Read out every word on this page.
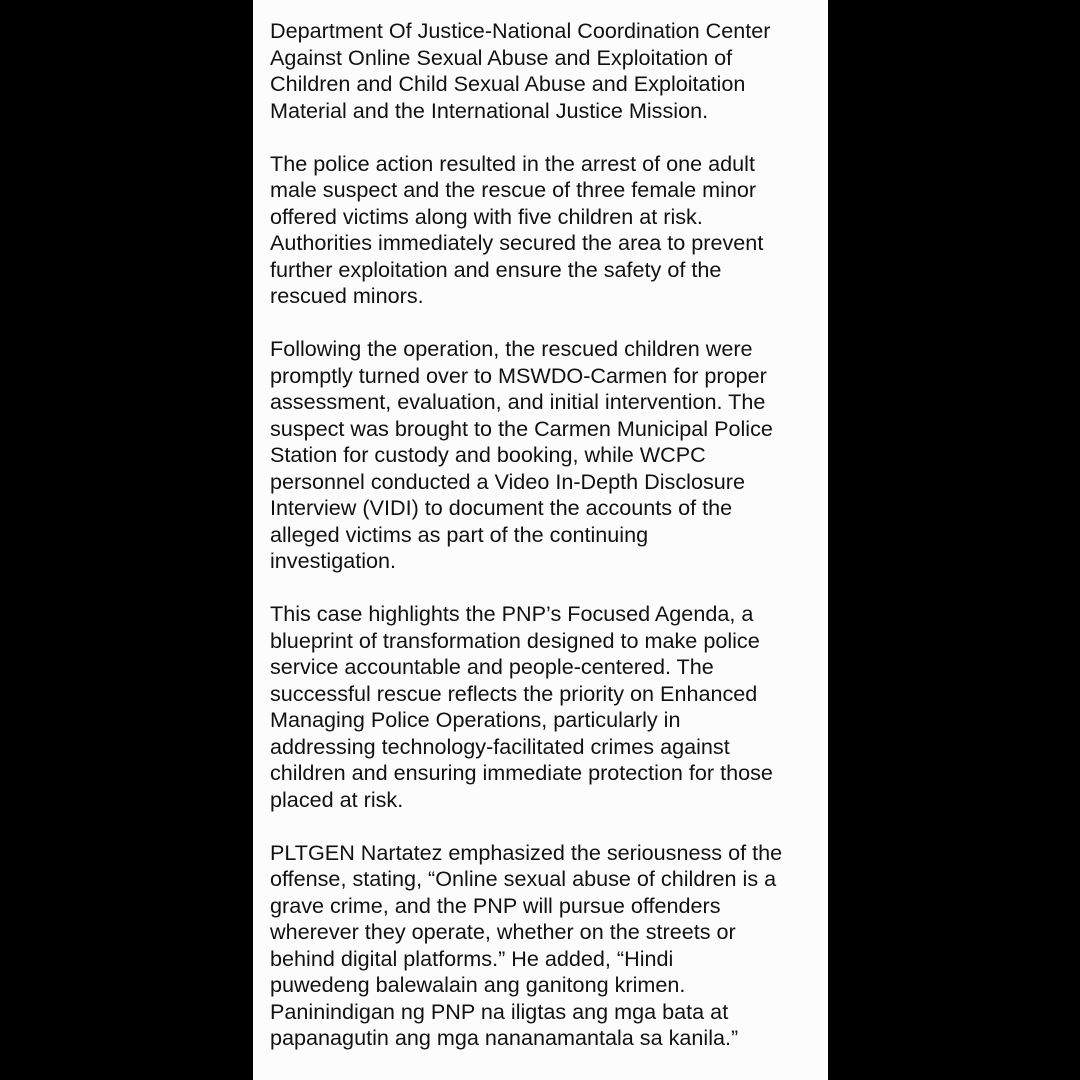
Department Of Justice-National Coordination Center
Against Online Sexual Abuse and Exploitation of
Children and Child Sexual Abuse and Exploitation
Material and the International Justice Mission.

The police action resulted in the arrest of one adult
male suspect and the rescue of three female minor
offered victims along with five children at risk.
Authorities immediately secured the area to prevent
further exploitation and ensure the safety of the
rescued minors.

Following the operation, the rescued children were
promptly turned over to MSWDO-Carmen for proper
assessment, evaluation, and initial intervention. The
suspect was brought to the Carmen Municipal Police
Station for custody and booking, while WCPC
personnel conducted a Video In-Depth Disclosure
Interview (VIDI) to document the accounts of the
alleged victims as part of the continuing
investigation.

This case highlights the PNP’s Focused Agenda, a
blueprint of transformation designed to make police
service accountable and people-centered. The
successful rescue reflects the priority on Enhanced
Managing Police Operations, particularly in
addressing technology-facilitated crimes against
children and ensuring immediate protection for those
placed at risk.

PLTGEN Nartatez emphasized the seriousness of the
offense, stating, “Online sexual abuse of children is a
grave crime, and the PNP will pursue offenders
wherever they operate, whether on the streets or
behind digital platforms.” He added, “Hindi
puwedeng balewalain ang ganitong krimen.
Paninindigan ng PNP na iligtas ang mga bata at
papanagutin ang mga nananamantala sa kanila.”
